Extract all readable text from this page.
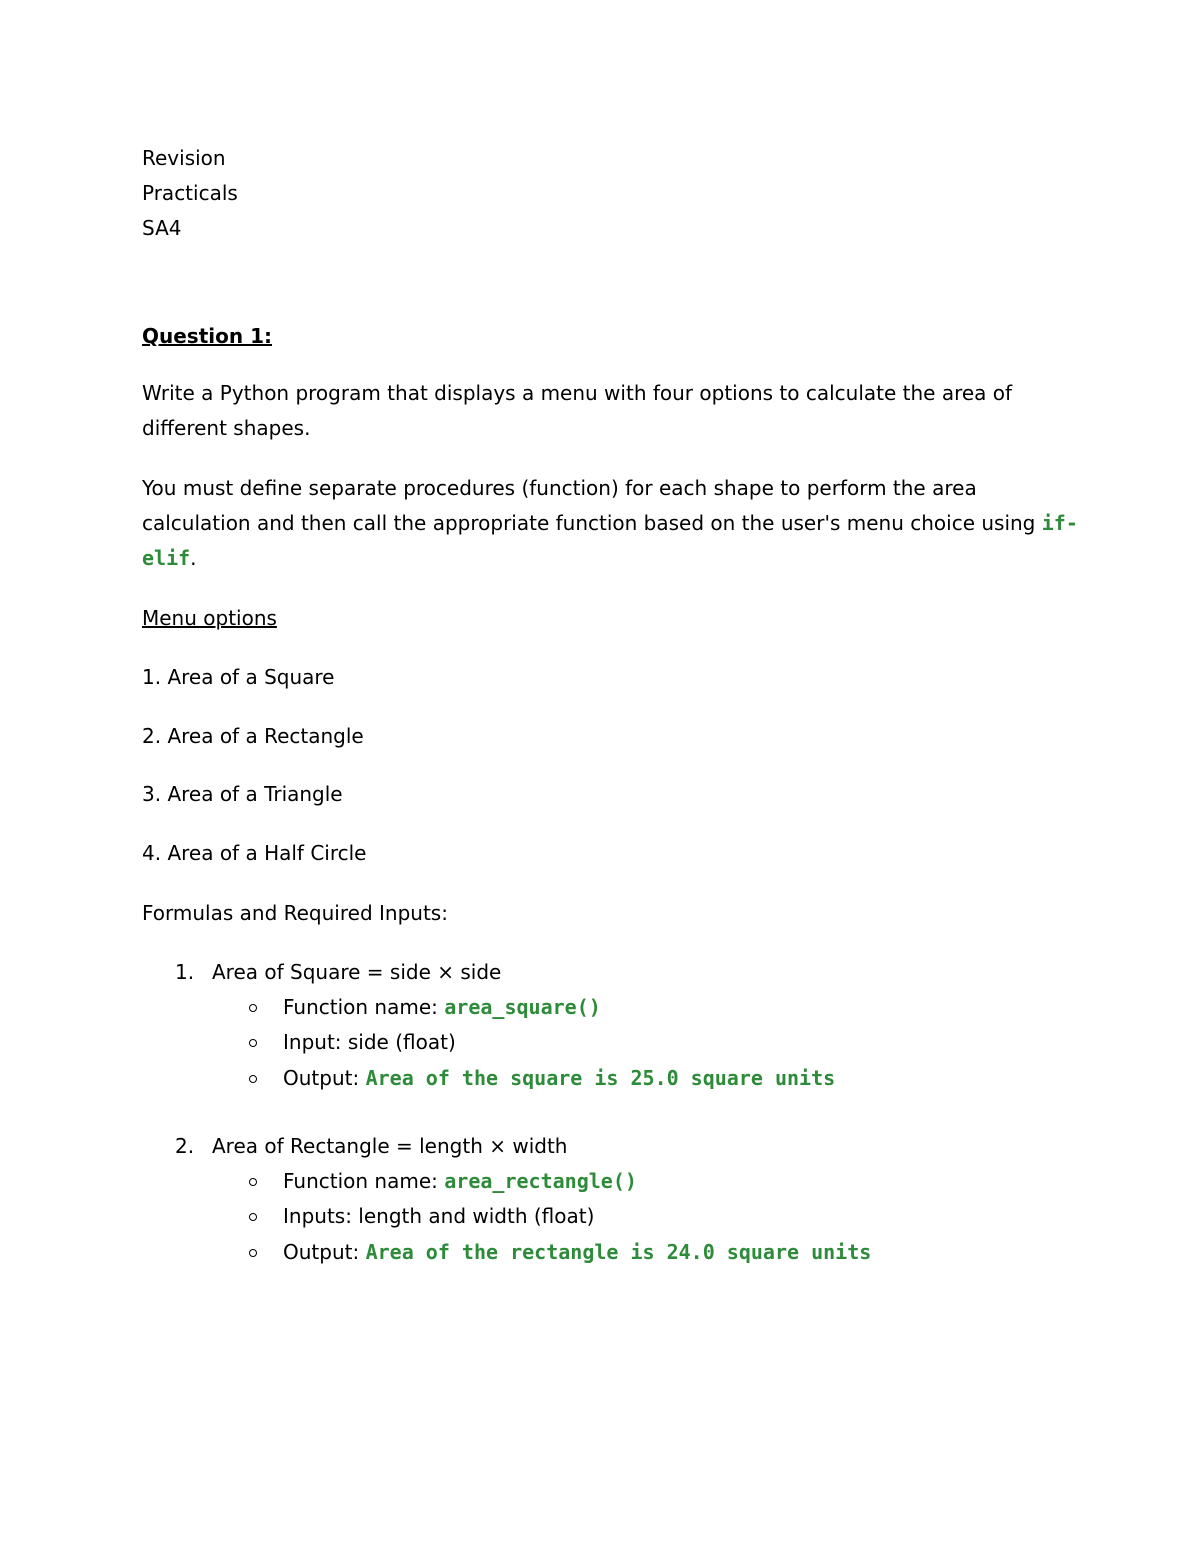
Revision
Practicals
SA4
Question 1:
Write a Python program that displays a menu with four options to calculate the area of different shapes.
You must define separate procedures (function) for each shape to perform the area calculation and then call the appropriate function based on the user's menu choice using if-elif.
Menu options
1. Area of a Square
2. Area of a Rectangle
3. Area of a Triangle
4. Area of a Half Circle
Formulas and Required Inputs:
1. Area of Square = side × side
Function name: area_square()
Input: side (float)
Output: Area of the square is 25.0 square units
2. Area of Rectangle = length × width
Function name: area_rectangle()
Inputs: length and width (float)
Output: Area of the rectangle is 24.0 square units
